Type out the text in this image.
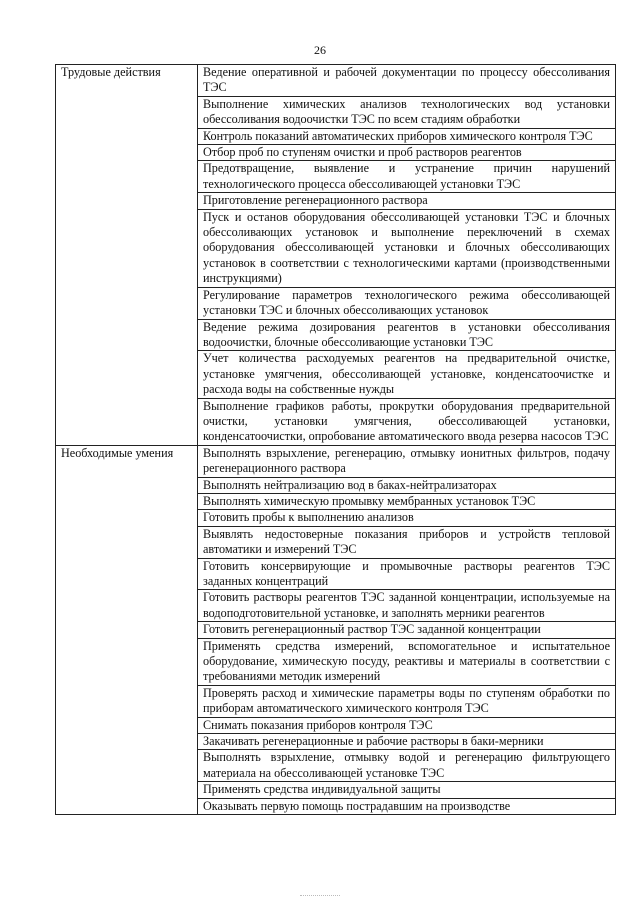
26
Трудовые действия	Ведение оперативной и рабочей документации по процессу обессоливания ТЭС
	Выполнение химических анализов технологических вод установки обессоливания водоочистки ТЭС по всем стадиям обработки
	Контроль показаний автоматических приборов химического контроля ТЭС
	Отбор проб по ступеням очистки и проб растворов реагентов
	Предотвращение, выявление и устранение причин нарушений технологического процесса обессоливающей установки ТЭС
	Приготовление регенерационного раствора
	Пуск и останов оборудования обессоливающей установки ТЭС и блочных обессоливающих установок и выполнение переключений в схемах оборудования обессоливающей установки и блочных обессоливающих установок в соответствии с технологическими картами (производственными инструкциями)
	Регулирование параметров технологического режима обессоливающей установки ТЭС и блочных обессоливающих установок
	Ведение режима дозирования реагентов в установки обессоливания водоочистки, блочные обессоливающие установки ТЭС
	Учет количества расходуемых реагентов на предварительной очистке, установке умягчения, обессоливающей установке, конденсатоочистке и расхода воды на собственные нужды
	Выполнение графиков работы, прокрутки оборудования предварительной очистки, установки умягчения, обессоливающей установки, конденсатоочистки, опробование автоматического ввода резерва насосов ТЭС
Необходимые умения	Выполнять взрыхление, регенерацию, отмывку ионитных фильтров, подачу регенерационного раствора
	Выполнять нейтрализацию вод в баках-нейтрализаторах
	Выполнять химическую промывку мембранных установок ТЭС
	Готовить пробы к выполнению анализов
	Выявлять недостоверные показания приборов и устройств тепловой автоматики и измерений ТЭС
	Готовить консервирующие и промывочные растворы реагентов ТЭС заданных концентраций
	Готовить растворы реагентов ТЭС заданной концентрации, используемые на водоподготовительной установке, и заполнять мерники реагентов
	Готовить регенерационный раствор ТЭС заданной концентрации
	Применять средства измерений, вспомогательное и испытательное оборудование, химическую посуду, реактивы и материалы в соответствии с требованиями методик измерений
	Проверять расход и химические параметры воды по ступеням обработки по приборам автоматического химического контроля ТЭС
	Снимать показания приборов контроля ТЭС
	Закачивать регенерационные и рабочие растворы в баки-мерники
	Выполнять взрыхление, отмывку водой и регенерацию фильтрующего материала на обессоливающей установке ТЭС
	Применять средства индивидуальной защиты
	Оказывать первую помощь пострадавшим на производстве
